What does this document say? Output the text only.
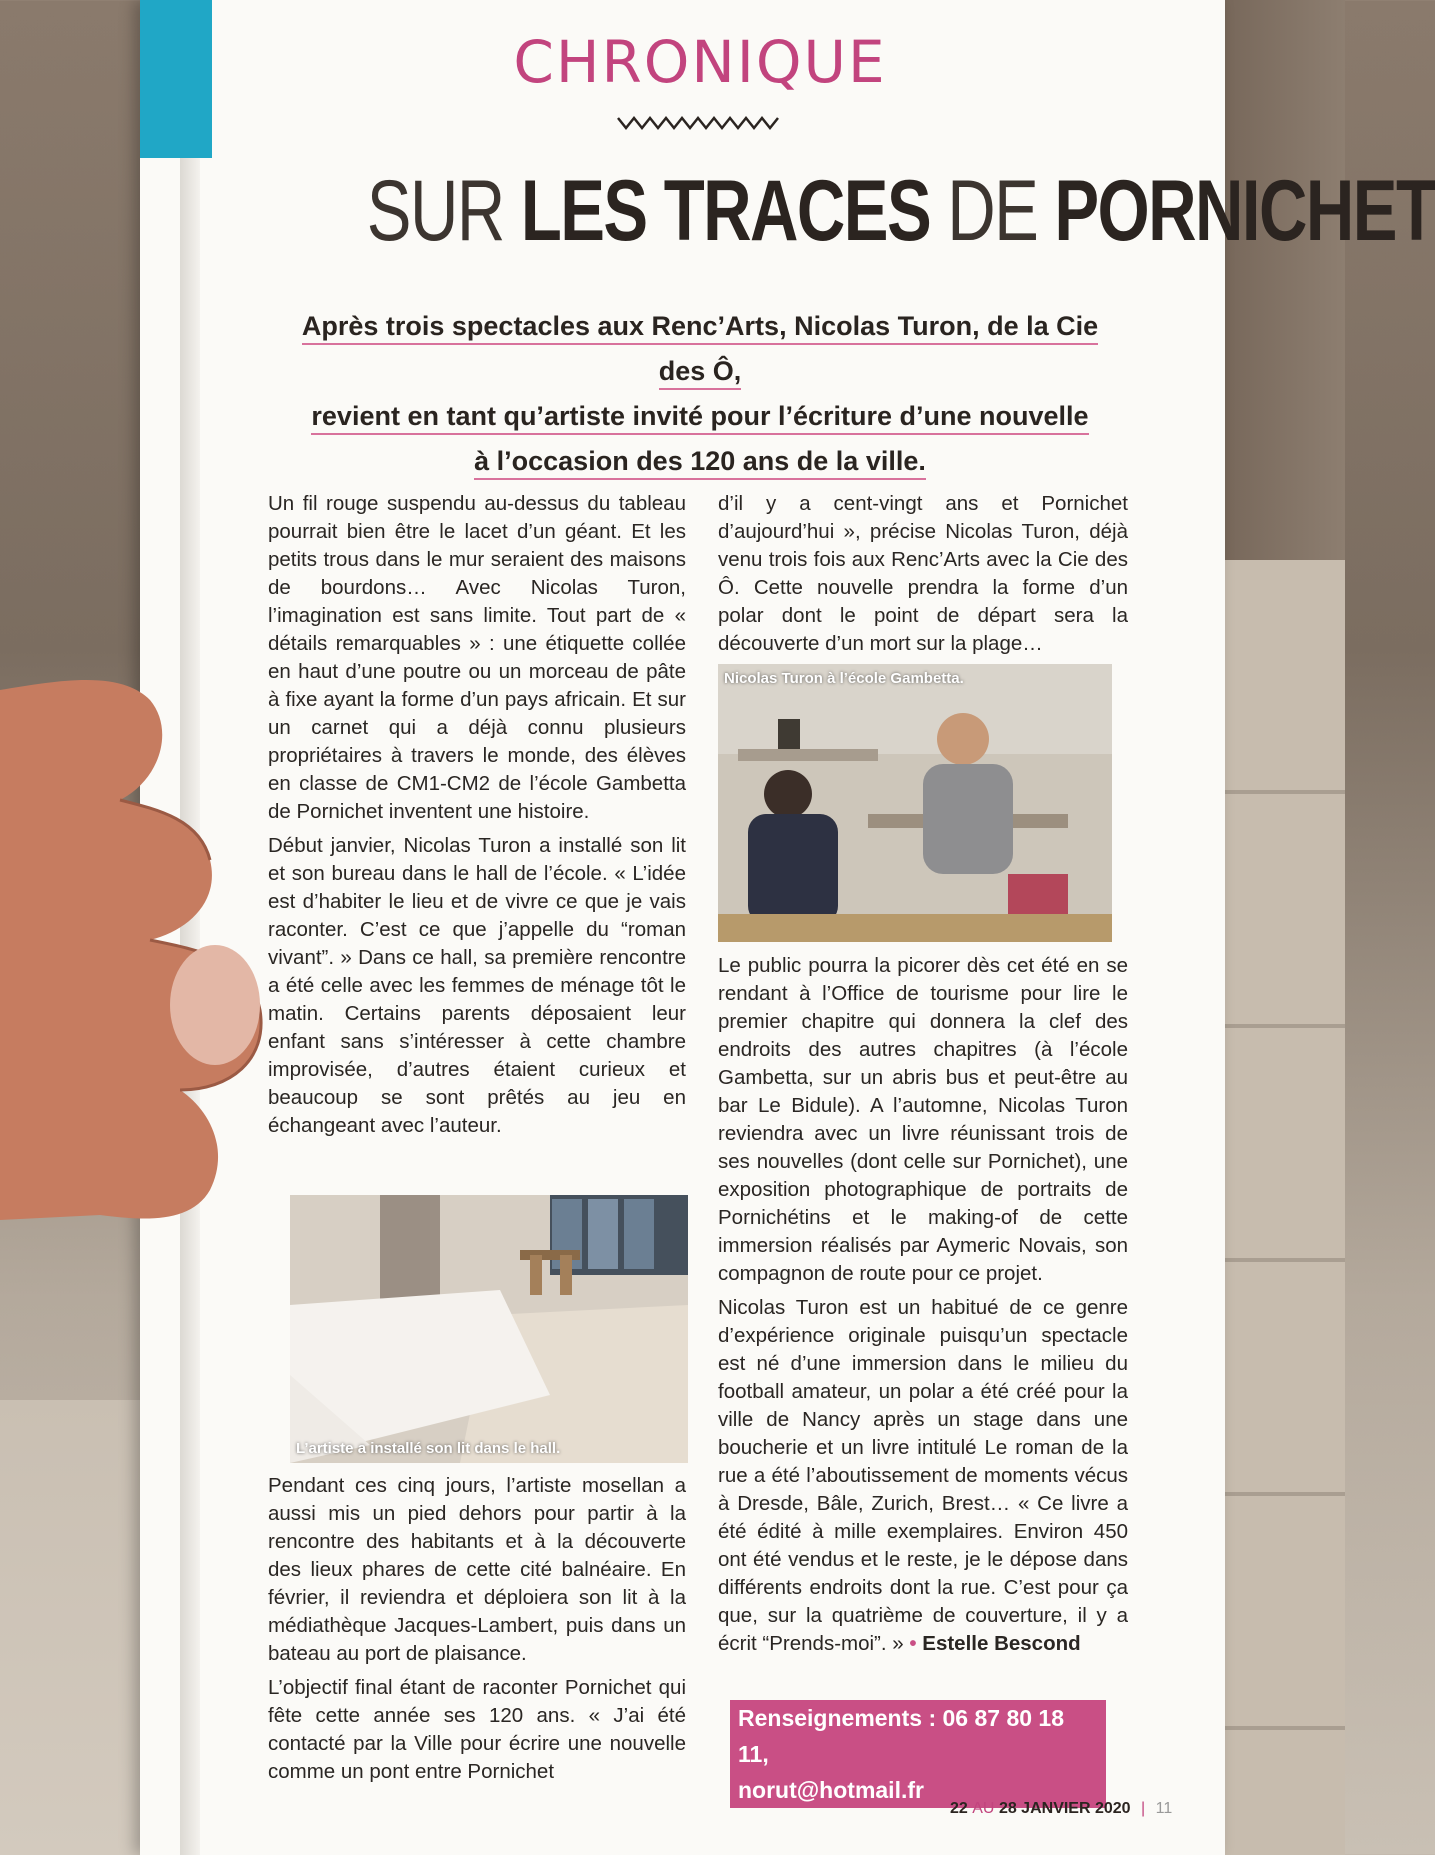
CHRONIQUE
SUR LES TRACES DE PORNICHET
Après trois spectacles aux Renc’Arts, Nicolas Turon, de la Cie des Ô,
revient en tant qu’artiste invité pour l’écriture d’une nouvelle
à l’occasion des 120 ans de la ville.

Un fil rouge suspendu au-dessus du tableau pourrait bien être le lacet d’un géant. Et les petits trous dans le mur seraient des maisons de bourdons… Avec Nicolas Turon, l’imagination est sans limite. Tout part de « détails remarquables » : une étiquette collée en haut d’une poutre ou un morceau de pâte à fixe ayant la forme d’un pays africain. Et sur un carnet qui a déjà connu plusieurs propriétaires à travers le monde, des élèves en classe de CM1-CM2 de l’école Gambetta de Pornichet inventent une histoire.

Début janvier, Nicolas Turon a installé son lit et son bureau dans le hall de l’école. « L’idée est d’habiter le lieu et de vivre ce que je vais raconter. C’est ce que j’appelle du “roman vivant”. » Dans ce hall, sa première rencontre a été celle avec les femmes de ménage tôt le matin. Certains parents déposaient leur enfant sans s’intéresser à cette chambre improvisée, d’autres étaient curieux et beaucoup se sont prêtés au jeu en échangeant avec l’auteur.

L’artiste a installé son lit dans le hall.

Pendant ces cinq jours, l’artiste mosellan a aussi mis un pied dehors pour partir à la rencontre des habitants et à la découverte des lieux phares de cette cité balnéaire. En février, il reviendra et déploiera son lit à la médiathèque Jacques-Lambert, puis dans un bateau au port de plaisance.

L’objectif final étant de raconter Pornichet qui fête cette année ses 120 ans. « J’ai été contacté par la Ville pour écrire une nouvelle comme un pont entre Pornichet

d’il y a cent-vingt ans et Pornichet d’aujourd’hui », précise Nicolas Turon, déjà venu trois fois aux Renc’Arts avec la Cie des Ô. Cette nouvelle prendra la forme d’un polar dont le point de départ sera la découverte d’un mort sur la plage…

Nicolas Turon à l’école Gambetta.

Le public pourra la picorer dès cet été en se rendant à l’Office de tourisme pour lire le premier chapitre qui donnera la clef des endroits des autres chapitres (à l’école Gambetta, sur un abris bus et peut-être au bar Le Bidule). A l’automne, Nicolas Turon reviendra avec un livre réunissant trois de ses nouvelles (dont celle sur Pornichet), une exposition photographique de portraits de Pornichétins et le making-of de cette immersion réalisés par Aymeric Novais, son compagnon de route pour ce projet.

Nicolas Turon est un habitué de ce genre d’expérience originale puisqu’un spectacle est né d’une immersion dans le milieu du football amateur, un polar a été créé pour la ville de Nancy après un stage dans une boucherie et un livre intitulé Le roman de la rue a été l’aboutissement de moments vécus à Dresde, Bâle, Zurich, Brest… « Ce livre a été édité à mille exemplaires. Environ 450 ont été vendus et le reste, je le dépose dans différents endroits dont la rue. C’est pour ça que, sur la quatrième de couverture, il y a écrit “Prends-moi”. » • Estelle Bescond

Renseignements : 06 87 80 18 11,
norut@hotmail.fr
22 AU 28 JANVIER 2020 | 11
